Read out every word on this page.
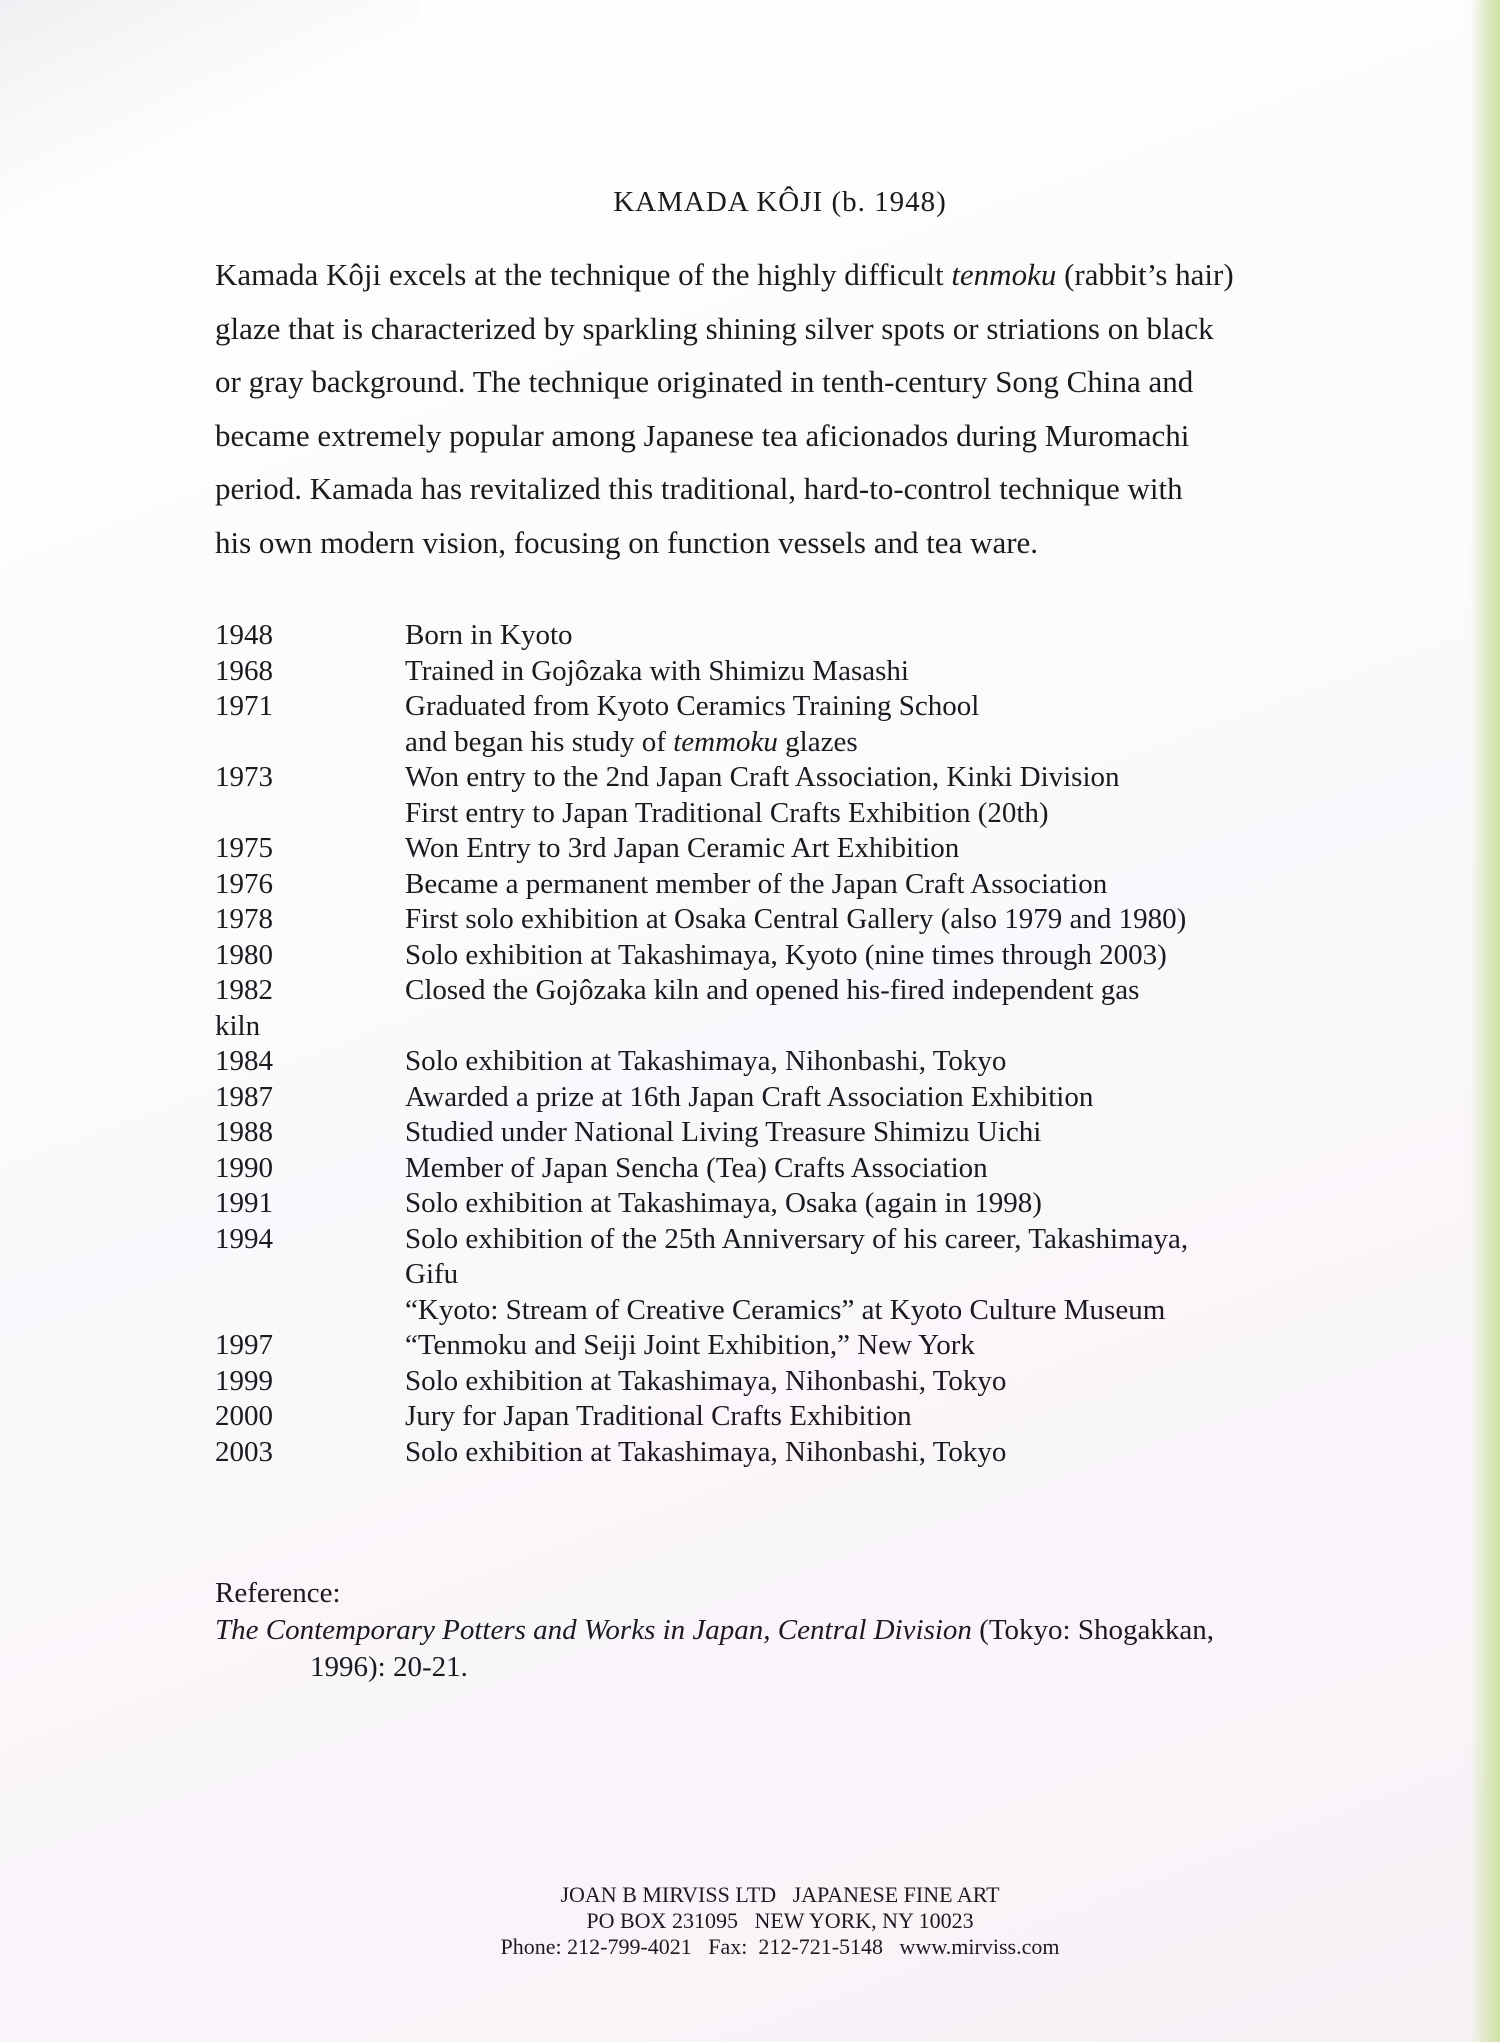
KAMADA KÔJI (b. 1948)
Kamada Kôji excels at the technique of the highly difficult tenmoku (rabbit’s hair)
glaze that is characterized by sparkling shining silver spots or striations on black
or gray background. The technique originated in tenth-century Song China and
became extremely popular among Japanese tea aficionados during Muromachi
period. Kamada has revitalized this traditional, hard-to-control technique with
his own modern vision, focusing on function vessels and tea ware.
1948	Born in Kyoto
1968	Trained in Gojôzaka with Shimizu Masashi
1971	Graduated from Kyoto Ceramics Training School
and began his study of temmoku glazes
1973	Won entry to the 2nd Japan Craft Association, Kinki Division
First entry to Japan Traditional Crafts Exhibition (20th)
1975	Won Entry to 3rd Japan Ceramic Art Exhibition
1976	Became a permanent member of the Japan Craft Association
1978	First solo exhibition at Osaka Central Gallery (also 1979 and 1980)
1980	Solo exhibition at Takashimaya, Kyoto (nine times through 2003)
1982	Closed the Gojôzaka kiln and opened his-fired independent gas
kiln
1984	Solo exhibition at Takashimaya, Nihonbashi, Tokyo
1987	Awarded a prize at 16th Japan Craft Association Exhibition
1988	Studied under National Living Treasure Shimizu Uichi
1990	Member of Japan Sencha (Tea) Crafts Association
1991	Solo exhibition at Takashimaya, Osaka (again in 1998)
1994	Solo exhibition of the 25th Anniversary of his career, Takashimaya,
Gifu
“Kyoto: Stream of Creative Ceramics” at Kyoto Culture Museum
1997	“Tenmoku and Seiji Joint Exhibition,” New York
1999	Solo exhibition at Takashimaya, Nihonbashi, Tokyo
2000	Jury for Japan Traditional Crafts Exhibition
2003	Solo exhibition at Takashimaya, Nihonbashi, Tokyo
Reference:
The Contemporary Potters and Works in Japan, Central Division (Tokyo: Shogakkan,
1996): 20-21.
JOAN B MIRVISS LTD   JAPANESE FINE ART
PO BOX 231095   NEW YORK, NY 10023
Phone: 212-799-4021   Fax:  212-721-5148   www.mirviss.com
